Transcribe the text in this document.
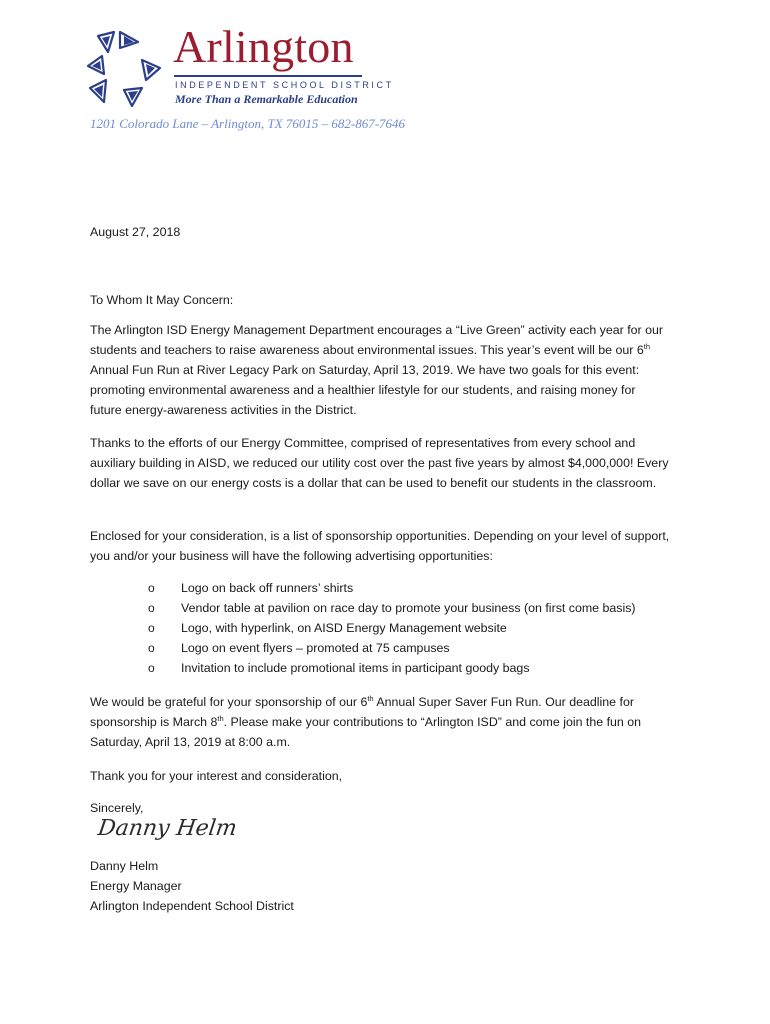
Arlington
INDEPENDENT SCHOOL DISTRICT
More Than a Remarkable Education
1201 Colorado Lane – Arlington, TX 76015 – 682-867-7646

August 27, 2018

To Whom It May Concern:

The Arlington ISD Energy Management Department encourages a “Live Green” activity each year for our students and teachers to raise awareness about environmental issues. This year’s event will be our 6th Annual Fun Run at River Legacy Park on Saturday, April 13, 2019. We have two goals for this event: promoting environmental awareness and a healthier lifestyle for our students, and raising money for future energy-awareness activities in the District.

Thanks to the efforts of our Energy Committee, comprised of representatives from every school and auxiliary building in AISD, we reduced our utility cost over the past five years by almost $4,000,000! Every dollar we save on our energy costs is a dollar that can be used to benefit our students in the classroom.

Enclosed for your consideration, is a list of sponsorship opportunities. Depending on your level of support, you and/or your business will have the following advertising opportunities:

o Logo on back off runners’ shirts
o Vendor table at pavilion on race day to promote your business (on first come basis)
o Logo, with hyperlink, on AISD Energy Management website
o Logo on event flyers – promoted at 75 campuses
o Invitation to include promotional items in participant goody bags

We would be grateful for your sponsorship of our 6th Annual Super Saver Fun Run. Our deadline for sponsorship is March 8th. Please make your contributions to “Arlington ISD” and come join the fun on Saturday, April 13, 2019 at 8:00 a.m.

Thank you for your interest and consideration,

Sincerely,

Danny Helm
Danny Helm
Energy Manager
Arlington Independent School District
